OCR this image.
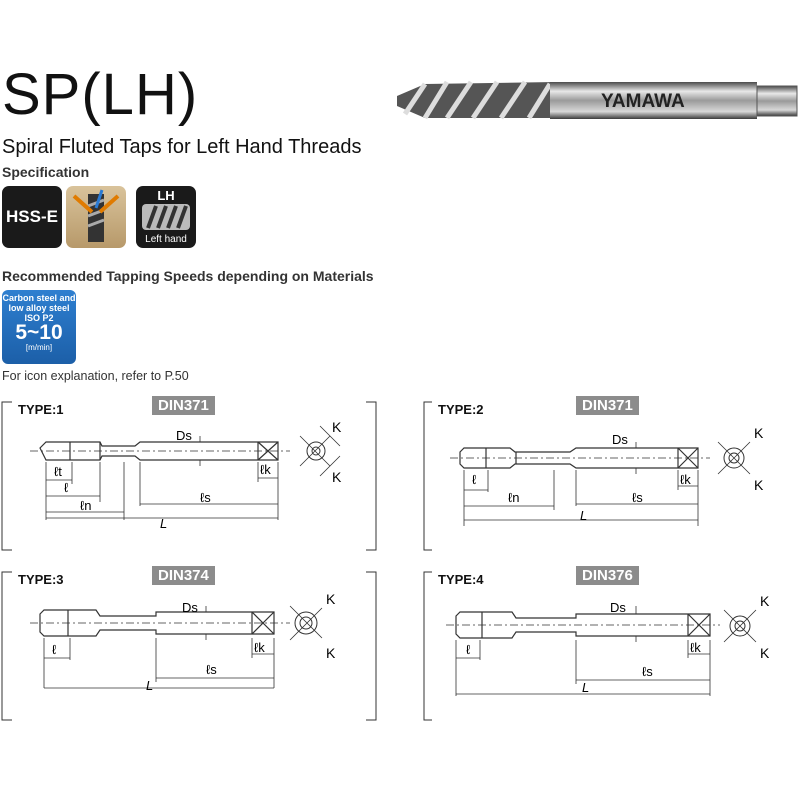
SP(LH)
Spiral Fluted Taps for Left Hand Threads
Specification
YAMAWA
HSS-E
LH
Left hand
Recommended Tapping Speeds depending on Materials
Carbon steel and
low alloy steel
ISO P2
5~10
[m/min]
For icon explanation, refer to P.50
Ds
K
K
ℓt
ℓ
ℓn
ℓs
ℓk
L
TYPE:1	DIN371
Ds	K
K
ℓ
ℓn	ℓs
ℓk
L
TYPE:2	DIN371
Ds
K
K
ℓ
ℓs
ℓk
L
TYPE:3	DIN374
Ds	K
K
ℓ
ℓs
ℓk
L
TYPE:4	DIN376
